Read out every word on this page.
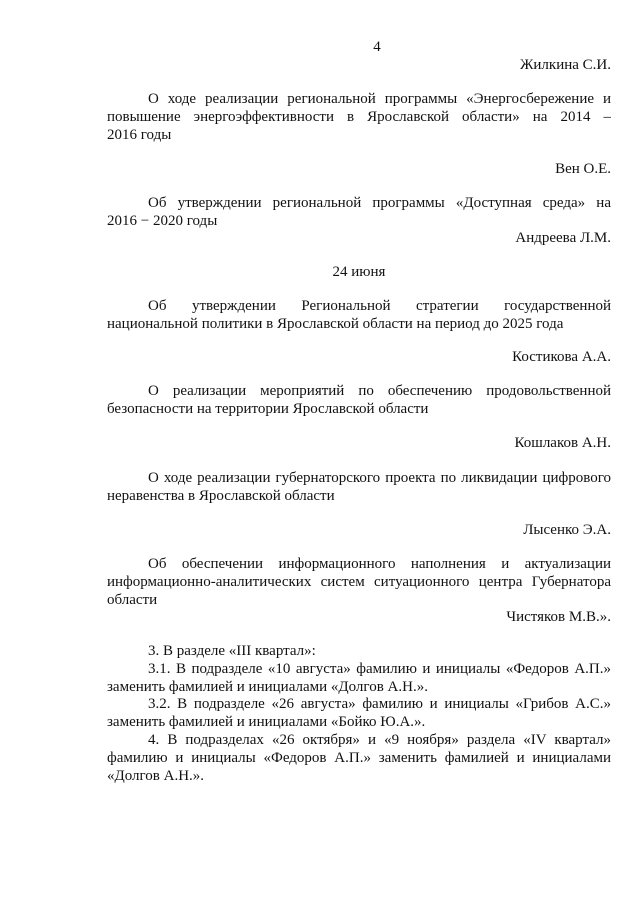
4
Жилкина С.И.
О ходе реализации региональной программы «Энергосбережение и
повышение энергоэффективности в Ярославской области» на 2014 –
2016 годы
Вен О.Е.
Об утверждении региональной программы «Доступная среда» на
2016 − 2020 годы
Андреева Л.М.
24 июня
Об утверждении Региональной стратегии государственной
национальной политики в Ярославской области на период до 2025 года
Костикова А.А.
О реализации мероприятий по обеспечению продовольственной
безопасности на территории Ярославской области
Кошлаков А.Н.
О ходе реализации губернаторского проекта по ликвидации цифрового
неравенства в Ярославской области
Лысенко Э.А.
Об обеспечении информационного наполнения и актуализации
информационно-аналитических систем ситуационного центра Губернатора
области
Чистяков М.В.».
3. В разделе «III квартал»:
3.1. В подразделе «10 августа» фамилию и инициалы «Федоров А.П.»
заменить фамилией и инициалами «Долгов А.Н.».
3.2. В подразделе «26 августа» фамилию и инициалы «Грибов А.С.»
заменить фамилией и инициалами «Бойко Ю.А.».
4. В подразделах «26 октября» и «9 ноября» раздела «IV квартал»
фамилию и инициалы «Федоров А.П.» заменить фамилией и инициалами
«Долгов А.Н.».
